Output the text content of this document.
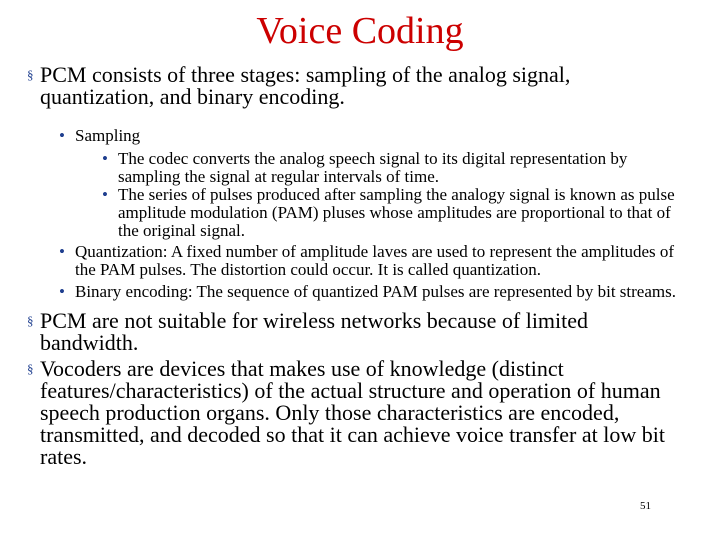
Voice Coding
§ PCM consists of three stages: sampling of the analog signal, quantization, and binary encoding.
• Sampling
• The codec converts the analog speech signal to its digital representation by sampling the signal at regular intervals of time.
• The series of pulses produced after sampling the analogy signal is known as pulse amplitude modulation (PAM) pluses whose amplitudes are proportional to that of the original signal.
• Quantization: A fixed number of amplitude laves are used to represent the amplitudes of the PAM pulses. The distortion could occur. It is called quantization.
• Binary encoding: The sequence of quantized PAM pulses are represented by bit streams.
§ PCM are not suitable for wireless networks because of limited bandwidth.
§ Vocoders are devices that makes use of knowledge (distinct features/characteristics) of the actual structure and operation of human speech production organs. Only those characteristics are encoded, transmitted, and decoded so that it can achieve voice transfer at low bit rates.
51
